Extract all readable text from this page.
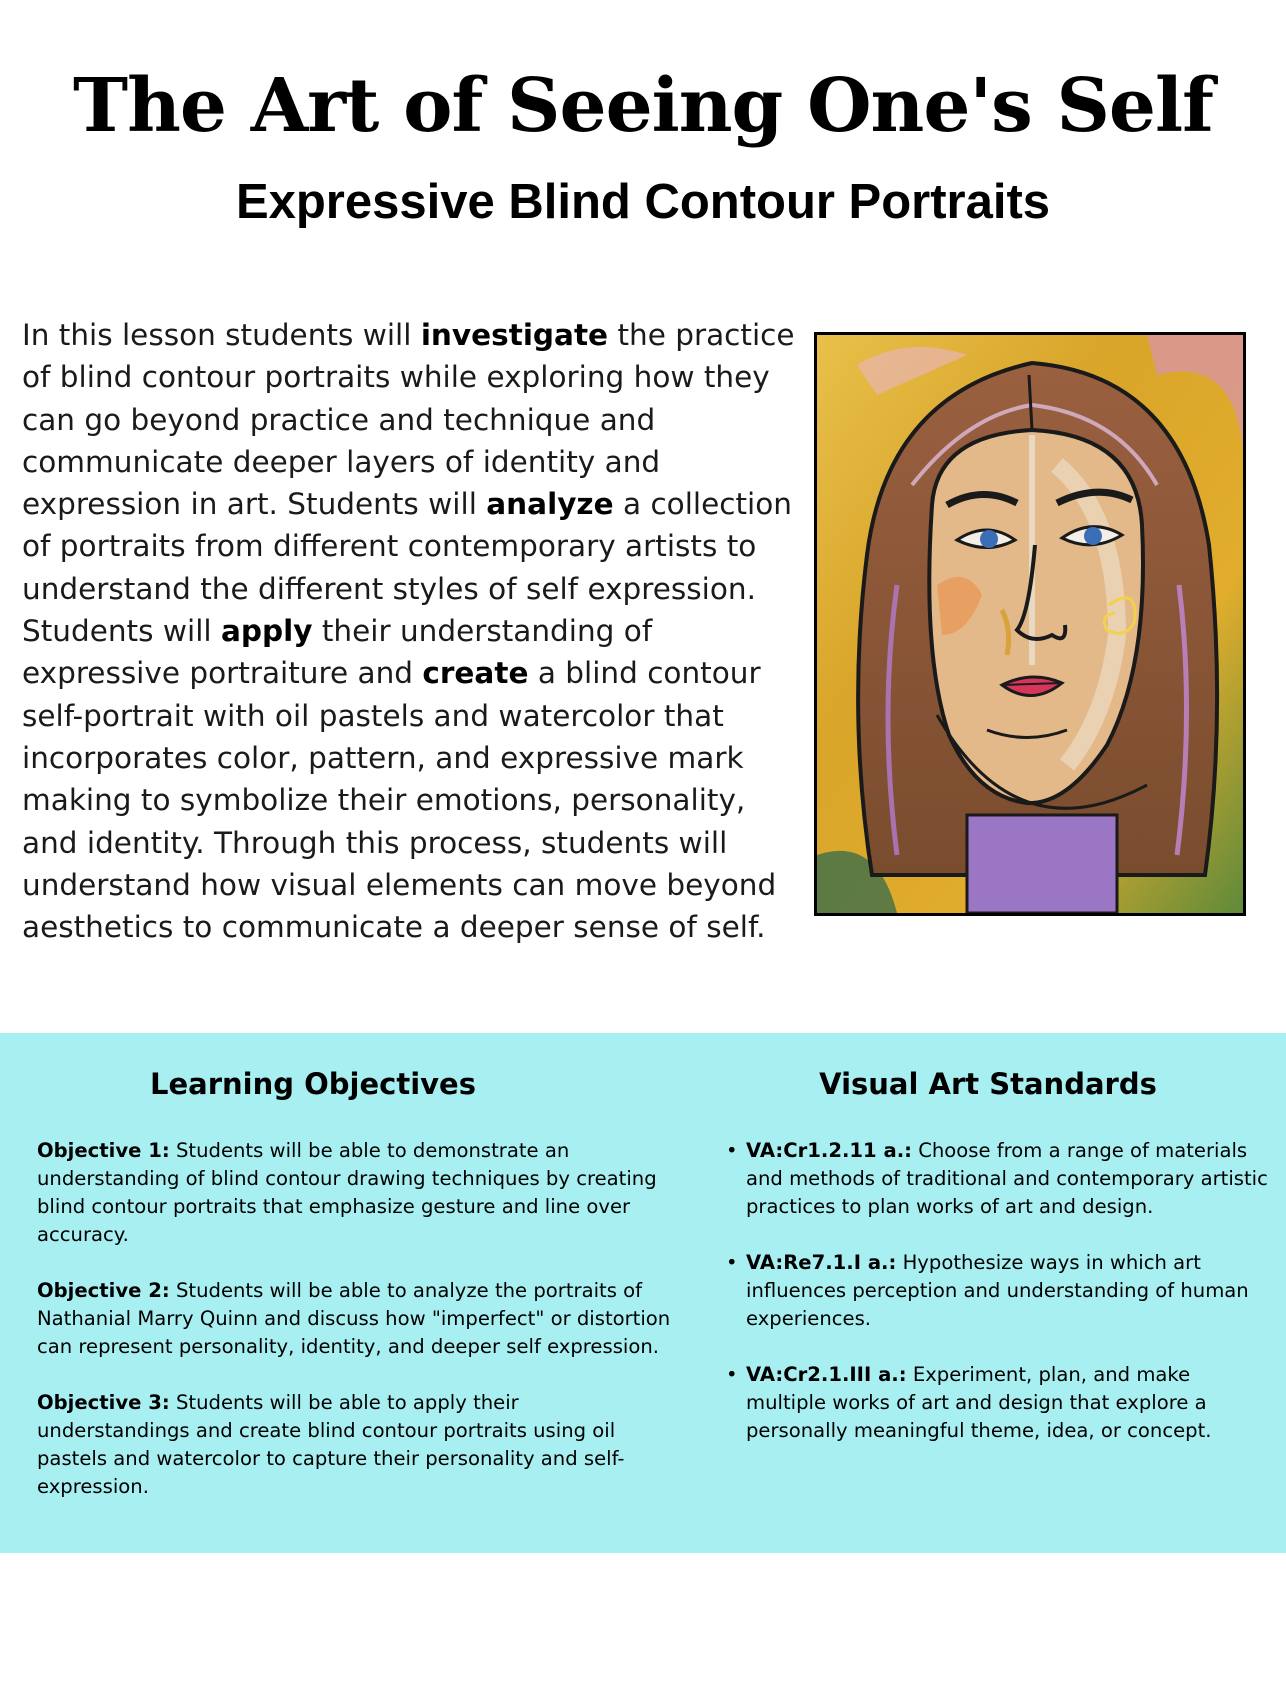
The Art of Seeing One's Self
Expressive Blind Contour Portraits

In this lesson students will investigate the practice of blind contour portraits while exploring how they can go beyond practice and technique and communicate deeper layers of identity and expression in art. Students will analyze a collection of portraits from different contemporary artists to understand the different styles of self expression. Students will apply their understanding of expressive portraiture and create a blind contour self-portrait with oil pastels and watercolor that incorporates color, pattern, and expressive mark making to symbolize their emotions, personality, and identity. Through this process, students will understand how visual elements can move beyond aesthetics to communicate a deeper sense of self.

Learning Objectives	Visual Art Standards

Objective 1: Students will be able to demonstrate an understanding of blind contour drawing techniques by creating blind contour portraits that emphasize gesture and line over accuracy.

Objective 2: Students will be able to analyze the portraits of Nathanial Marry Quinn and discuss how "imperfect" or distortion can represent personality, identity, and deeper self expression.

Objective 3: Students will be able to apply their understandings and create blind contour portraits using oil pastels and watercolor to capture their personality and self-expression.

• VA:Cr1.2.11 a.: Choose from a range of materials and methods of traditional and contemporary artistic practices to plan works of art and design.
• VA:Re7.1.I a.: Hypothesize ways in which art influences perception and understanding of human experiences.
• VA:Cr2.1.III a.: Experiment, plan, and make multiple works of art and design that explore a personally meaningful theme, idea, or concept.
